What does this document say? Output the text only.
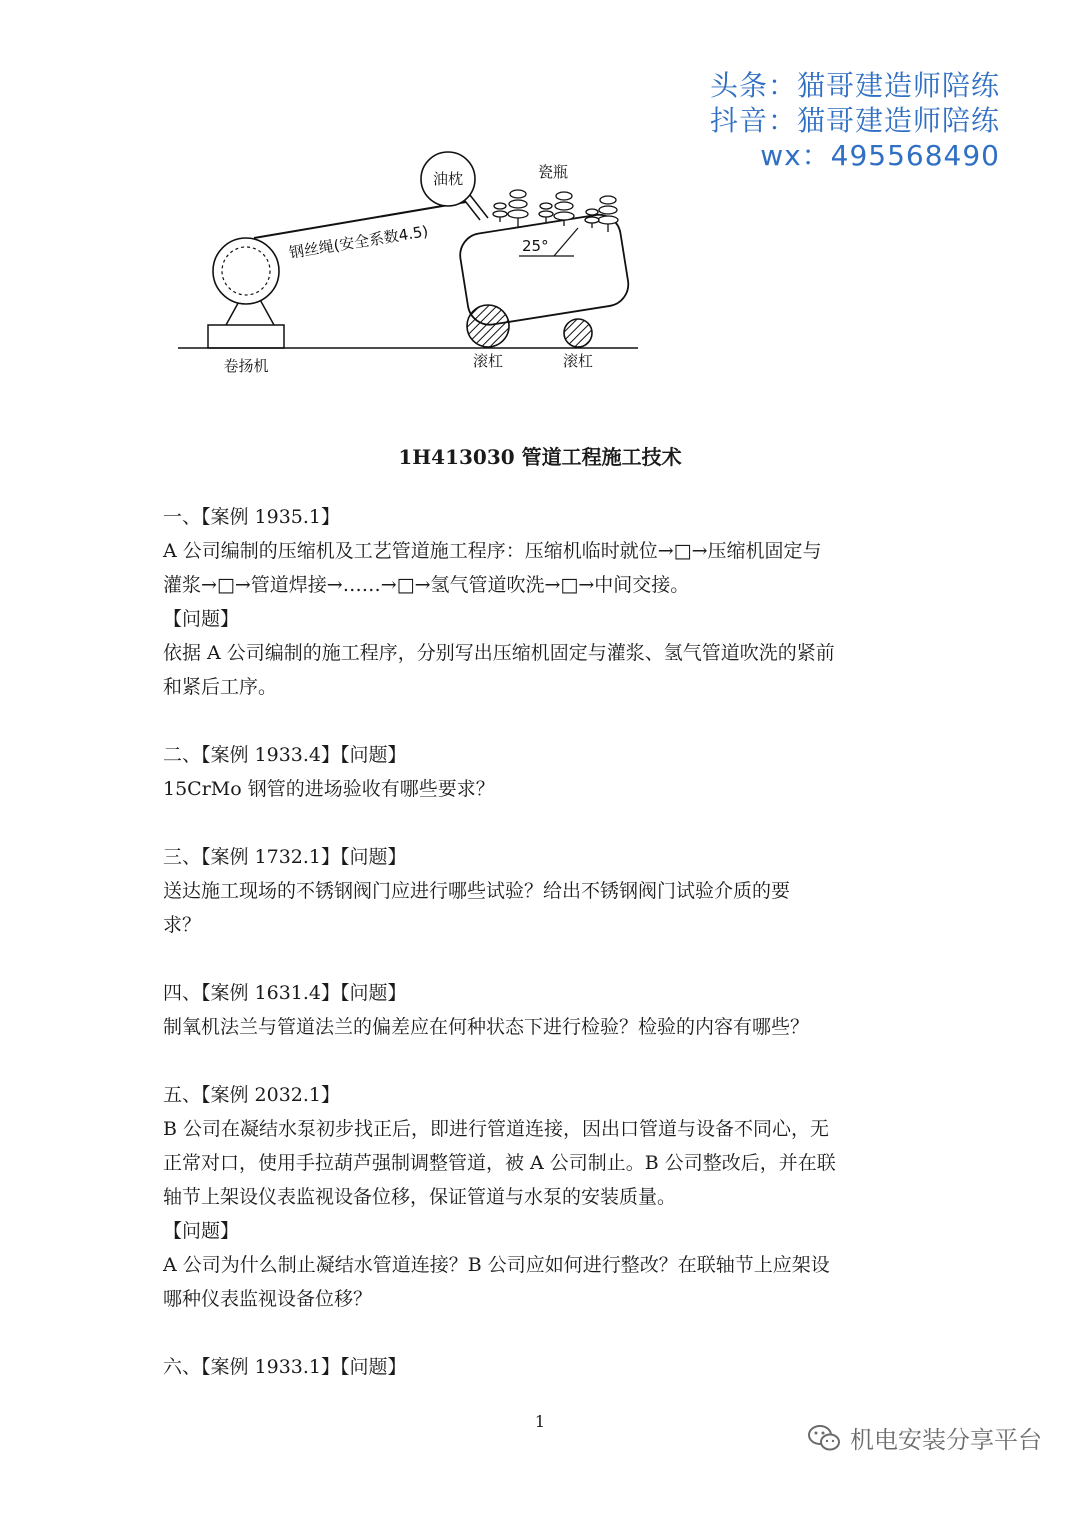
头条：猫哥建造师陪练
抖音：猫哥建造师陪练
wx：495568490
油枕	瓷瓶
钢丝绳(安全系数4.5)	25°
卷扬机	滚杠	滚杠
1H413030 管道工程施工技术
一、【案例 1935.1】
A 公司编制的压缩机及工艺管道施工程序：压缩机临时就位→□→压缩机固定与
灌浆→□→管道焊接→……→□→氢气管道吹洗→□→中间交接。
【问题】
依据 A 公司编制的施工程序，分别写出压缩机固定与灌浆、氢气管道吹洗的紧前
和紧后工序。
二、【案例 1933.4】【问题】
15CrMo 钢管的进场验收有哪些要求？
三、【案例 1732.1】【问题】
送达施工现场的不锈钢阀门应进行哪些试验？给出不锈钢阀门试验介质的要
求？
四、【案例 1631.4】【问题】
制氧机法兰与管道法兰的偏差应在何种状态下进行检验？检验的内容有哪些？
五、【案例 2032.1】
B 公司在凝结水泵初步找正后，即进行管道连接，因出口管道与设备不同心，无
正常对口，使用手拉葫芦强制调整管道，被 A 公司制止。B 公司整改后，并在联
轴节上架设仪表监视设备位移，保证管道与水泵的安装质量。
【问题】
A 公司为什么制止凝结水管道连接？B 公司应如何进行整改？在联轴节上应架设
哪种仪表监视设备位移？
六、【案例 1933.1】【问题】
1
机电安装分享平台
